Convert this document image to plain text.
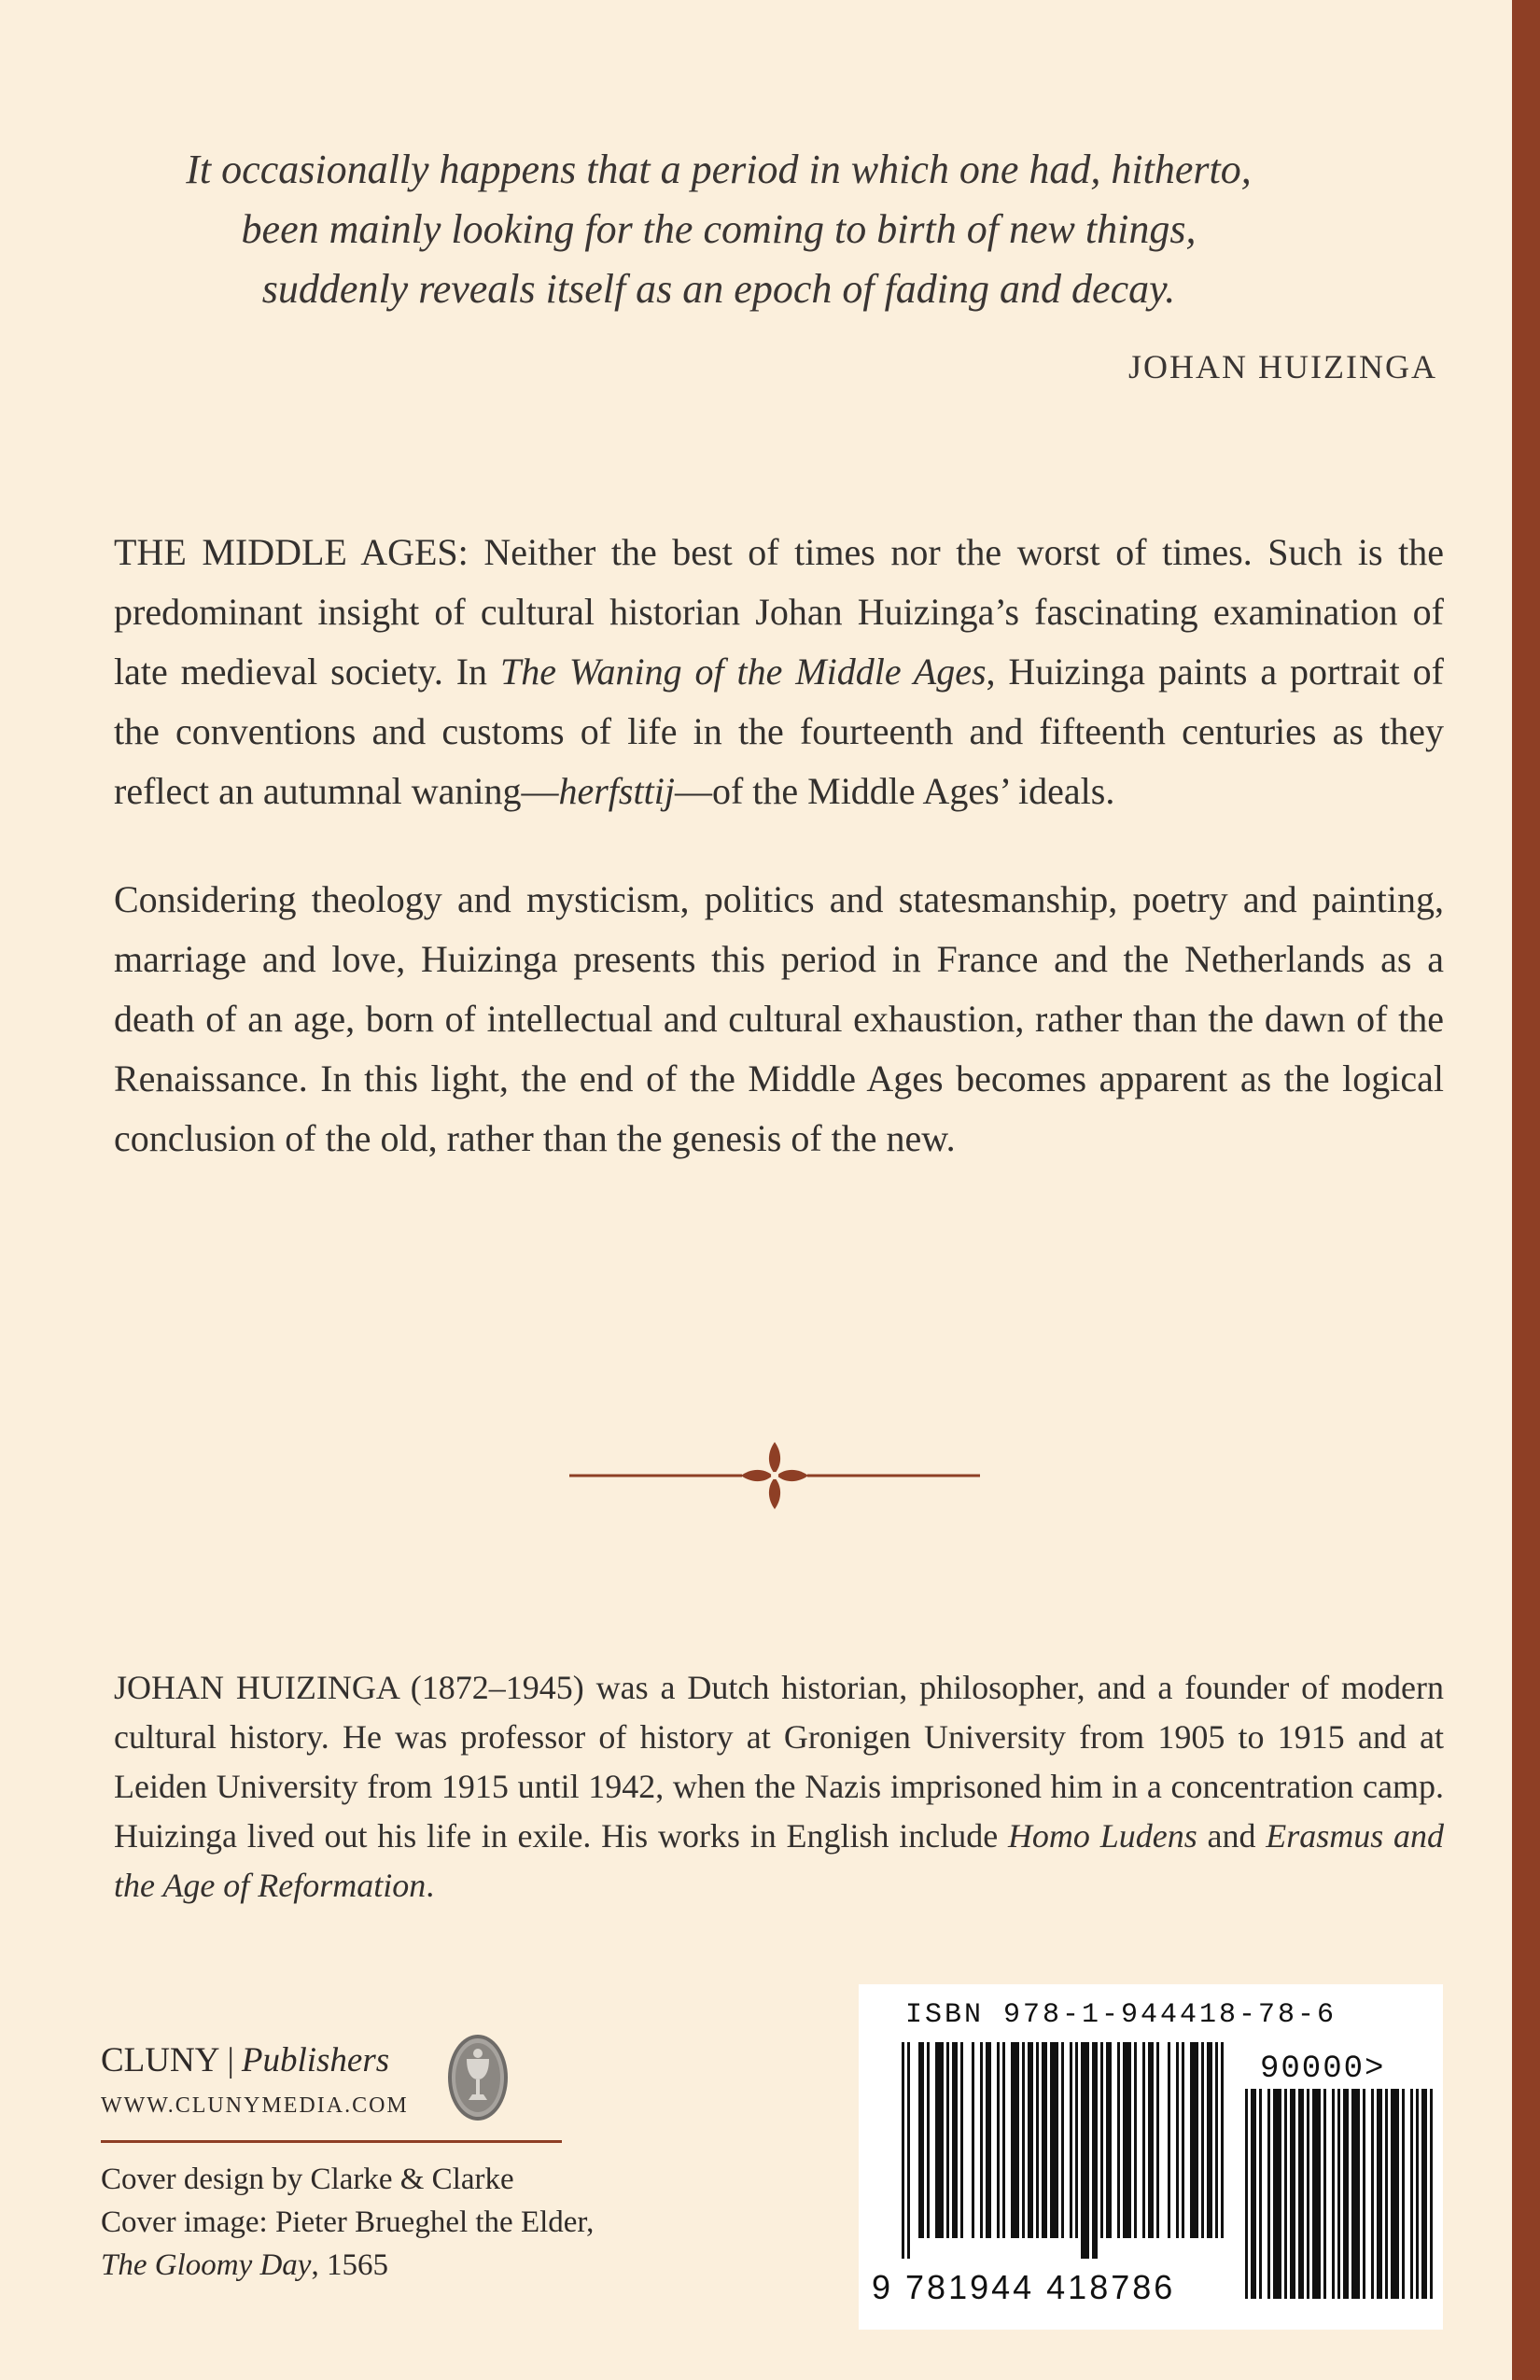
It occasionally happens that a period in which one had, hitherto,

been mainly looking for the coming to birth of new things,

suddenly reveals itself as an epoch of fading and decay.

JOHAN HUIZINGA

THE MIDDLE AGES: Neither the best of times nor the worst of times. Such is the predominant insight of cultural historian Johan Huizinga’s fascinating examination of late medieval society. In The Waning of the Middle Ages, Huizinga paints a portrait of the conventions and customs of life in the fourteenth and fifteenth centuries as they reflect an autumnal waning—herfsttij—of the Middle Ages’ ideals.

Considering theology and mysticism, politics and statesmanship, poetry and painting, marriage and love, Huizinga presents this period in France and the Netherlands as a death of an age, born of intellectual and cultural exhaustion, rather than the dawn of the Renaissance. In this light, the end of the Middle Ages becomes apparent as the logical conclusion of the old, rather than the genesis of the new.

JOHAN HUIZINGA (1872–1945) was a Dutch historian, philosopher, and a founder of modern cultural history. He was professor of history at Gronigen University from 1905 to 1915 and at Leiden University from 1915 until 1942, when the Nazis imprisoned him in a concentration camp. Huizinga lived out his life in exile. His works in English include Homo Ludens and Erasmus and the Age of Reformation.

CLUNY | Publishers
WWW.CLUNYMEDIA.COM

Cover design by Clarke & Clarke

Cover image: Pieter Brueghel the Elder,

The Gloomy Day, 1565

ISBN 978-1-944418-78-6
90000>
9 781944 418786
